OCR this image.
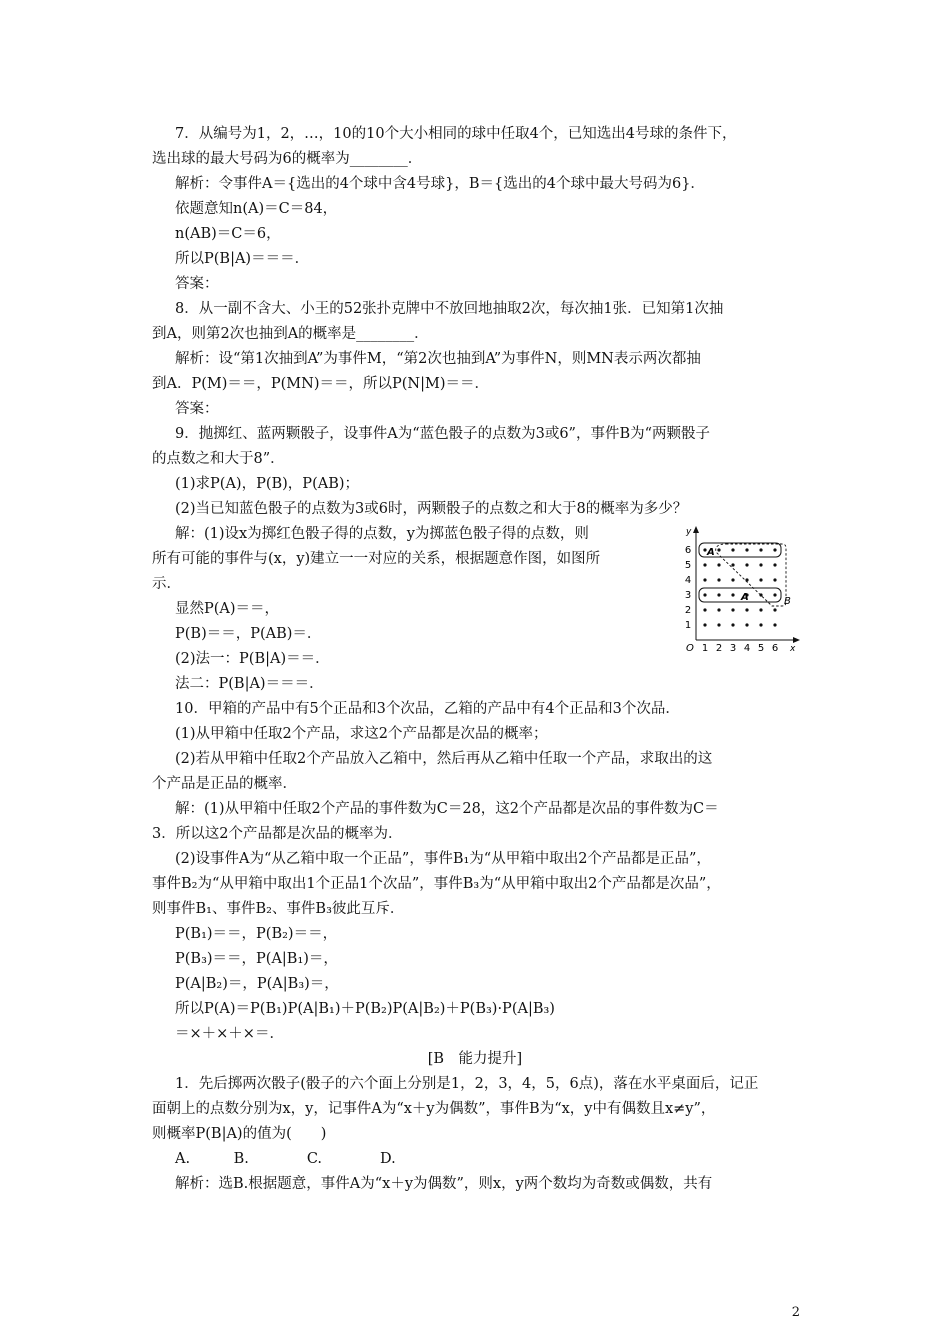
7．从编号为1，2，…，10的10个大小相同的球中任取4个，已知选出4号球的条件下，
选出球的最大号码为6的概率为________．
解析：令事件A＝{选出的4个球中含4号球}，B＝{选出的4个球中最大号码为6}．
依题意知n(A)＝C＝84，
n(AB)＝C＝6，
所以P(B|A)＝＝＝．
答案：
8．从一副不含大、小王的52张扑克牌中不放回地抽取2次，每次抽1张．已知第1次抽
到A，则第2次也抽到A的概率是________．
解析：设“第1次抽到A”为事件M，“第2次也抽到A”为事件N，则MN表示两次都抽
到A．P(M)＝＝，P(MN)＝＝，所以P(N|M)＝＝．
答案：
9．抛掷红、蓝两颗骰子，设事件A为“蓝色骰子的点数为3或6”，事件B为“两颗骰子
的点数之和大于8”．
(1)求P(A)，P(B)，P(AB)；
(2)当已知蓝色骰子的点数为3或6时，两颗骰子的点数之和大于8的概率为多少？
解：(1)设x为掷红色骰子得的点数，y为掷蓝色骰子得的点数，则
所有可能的事件与(x，y)建立一一对应的关系，根据题意作图，如图所
示．
显然P(A)＝＝，
P(B)＝＝，P(AB)＝．
(2)法一：P(B|A)＝＝．
法二：P(B|A)＝＝＝．
10．甲箱的产品中有5个正品和3个次品，乙箱的产品中有4个正品和3个次品．
(1)从甲箱中任取2个产品，求这2个产品都是次品的概率；
(2)若从甲箱中任取2个产品放入乙箱中，然后再从乙箱中任取一个产品，求取出的这
个产品是正品的概率．
解：(1)从甲箱中任取2个产品的事件数为C＝28，这2个产品都是次品的事件数为C＝
3．所以这2个产品都是次品的概率为．
(2)设事件A为“从乙箱中取一个正品”，事件B₁为“从甲箱中取出2个产品都是正品”，
事件B₂为“从甲箱中取出1个正品1个次品”，事件B₃为“从甲箱中取出2个产品都是次品”，
则事件B₁、事件B₂、事件B₃彼此互斥．
P(B₁)＝＝，P(B₂)＝＝，
P(B₃)＝＝，P(A|B₁)＝，
P(A|B₂)＝，P(A|B₃)＝，
所以P(A)＝P(B₁)P(A|B₁)＋P(B₂)P(A|B₂)＋P(B₃)·P(A|B₃)
＝×＋×＋×＝．
[B　能力提升]
1．先后掷两次骰子(骰子的六个面上分别是1，2，3，4，5，6点)，落在水平桌面后，记正
面朝上的点数分别为x，y，记事件A为“x＋y为偶数”，事件B为“x，y中有偶数且x≠y”，
则概率P(B|A)的值为(　　)
A.　　　B.　　　　C.　　　　D.
解析：选B.根据题意，事件A为“x＋y为偶数”，则x，y两个数均为奇数或偶数，共有
x
y
O 1 2 3 4 5 6
1
2
3
4
5
6
A
A
B
2
